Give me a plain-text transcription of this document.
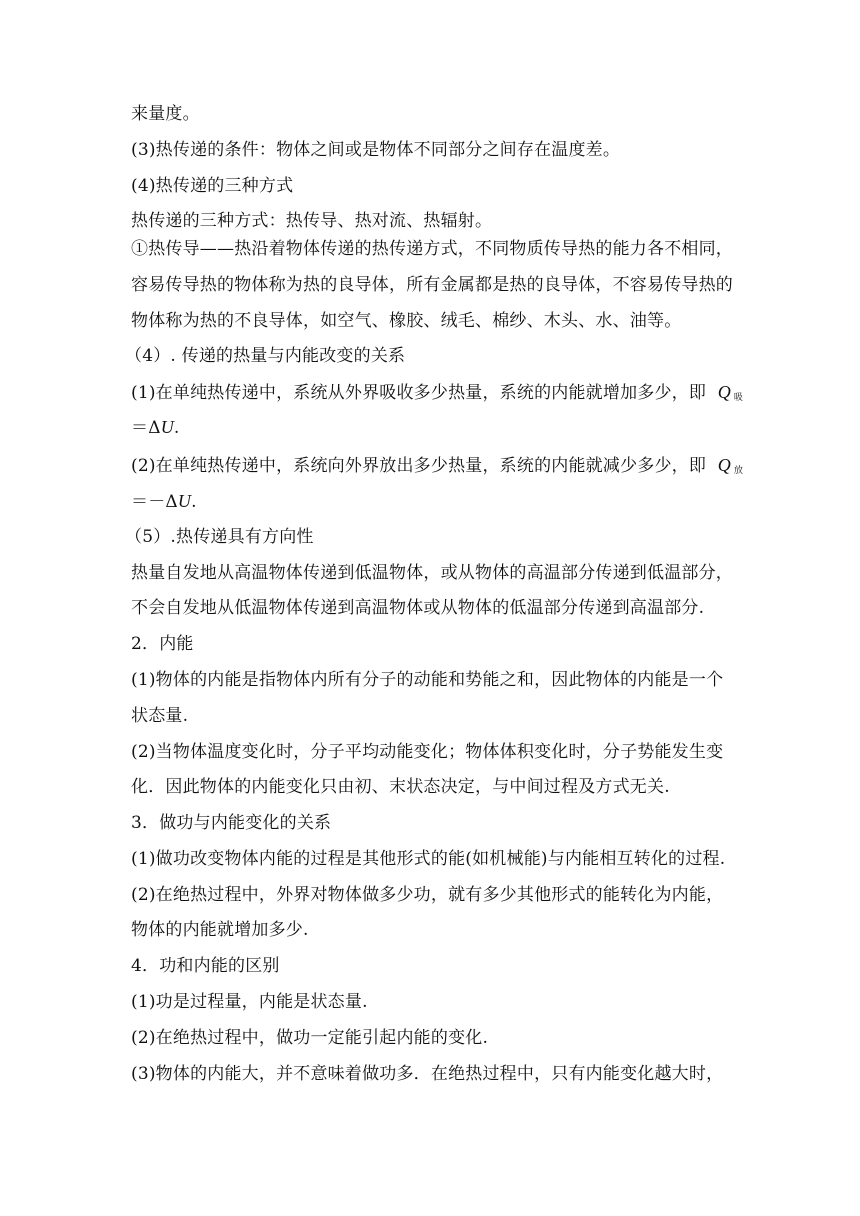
来量度。
(3)热传递的条件：物体之间或是物体不同部分之间存在温度差。
(4)热传递的三种方式
热传递的三种方式：热传导、热对流、热辐射。
①热传导——热沿着物体传递的热传递方式，不同物质传导热的能力各不相同，
容易传导热的物体称为热的良导体，所有金属都是热的良导体，不容易传导热的
物体称为热的不良导体，如空气、橡胶、绒毛、棉纱、木头、水、油等。
（4）. 传递的热量与内能改变的关系
(1)在单纯热传递中，系统从外界吸收多少热量，系统的内能就增加多少，即 Q $_吸$
＝ΔU.
(2)在单纯热传递中，系统向外界放出多少热量，系统的内能就减少多少，即 Q $_放$
＝－ΔU.
（5）.热传递具有方向性
热量自发地从高温物体传递到低温物体，或从物体的高温部分传递到低温部分，
不会自发地从低温物体传递到高温物体或从物体的低温部分传递到高温部分.
2．内能
(1)物体的内能是指物体内所有分子的动能和势能之和，因此物体的内能是一个
状态量.
(2)当物体温度变化时，分子平均动能变化；物体体积变化时，分子势能发生变
化．因此物体的内能变化只由初、末状态决定，与中间过程及方式无关.
3．做功与内能变化的关系
(1)做功改变物体内能的过程是其他形式的能(如机械能)与内能相互转化的过程.
(2)在绝热过程中，外界对物体做多少功，就有多少其他形式的能转化为内能，
物体的内能就增加多少.
4．功和内能的区别
(1)功是过程量，内能是状态量.
(2)在绝热过程中，做功一定能引起内能的变化.
(3)物体的内能大，并不意味着做功多．在绝热过程中，只有内能变化越大时，
